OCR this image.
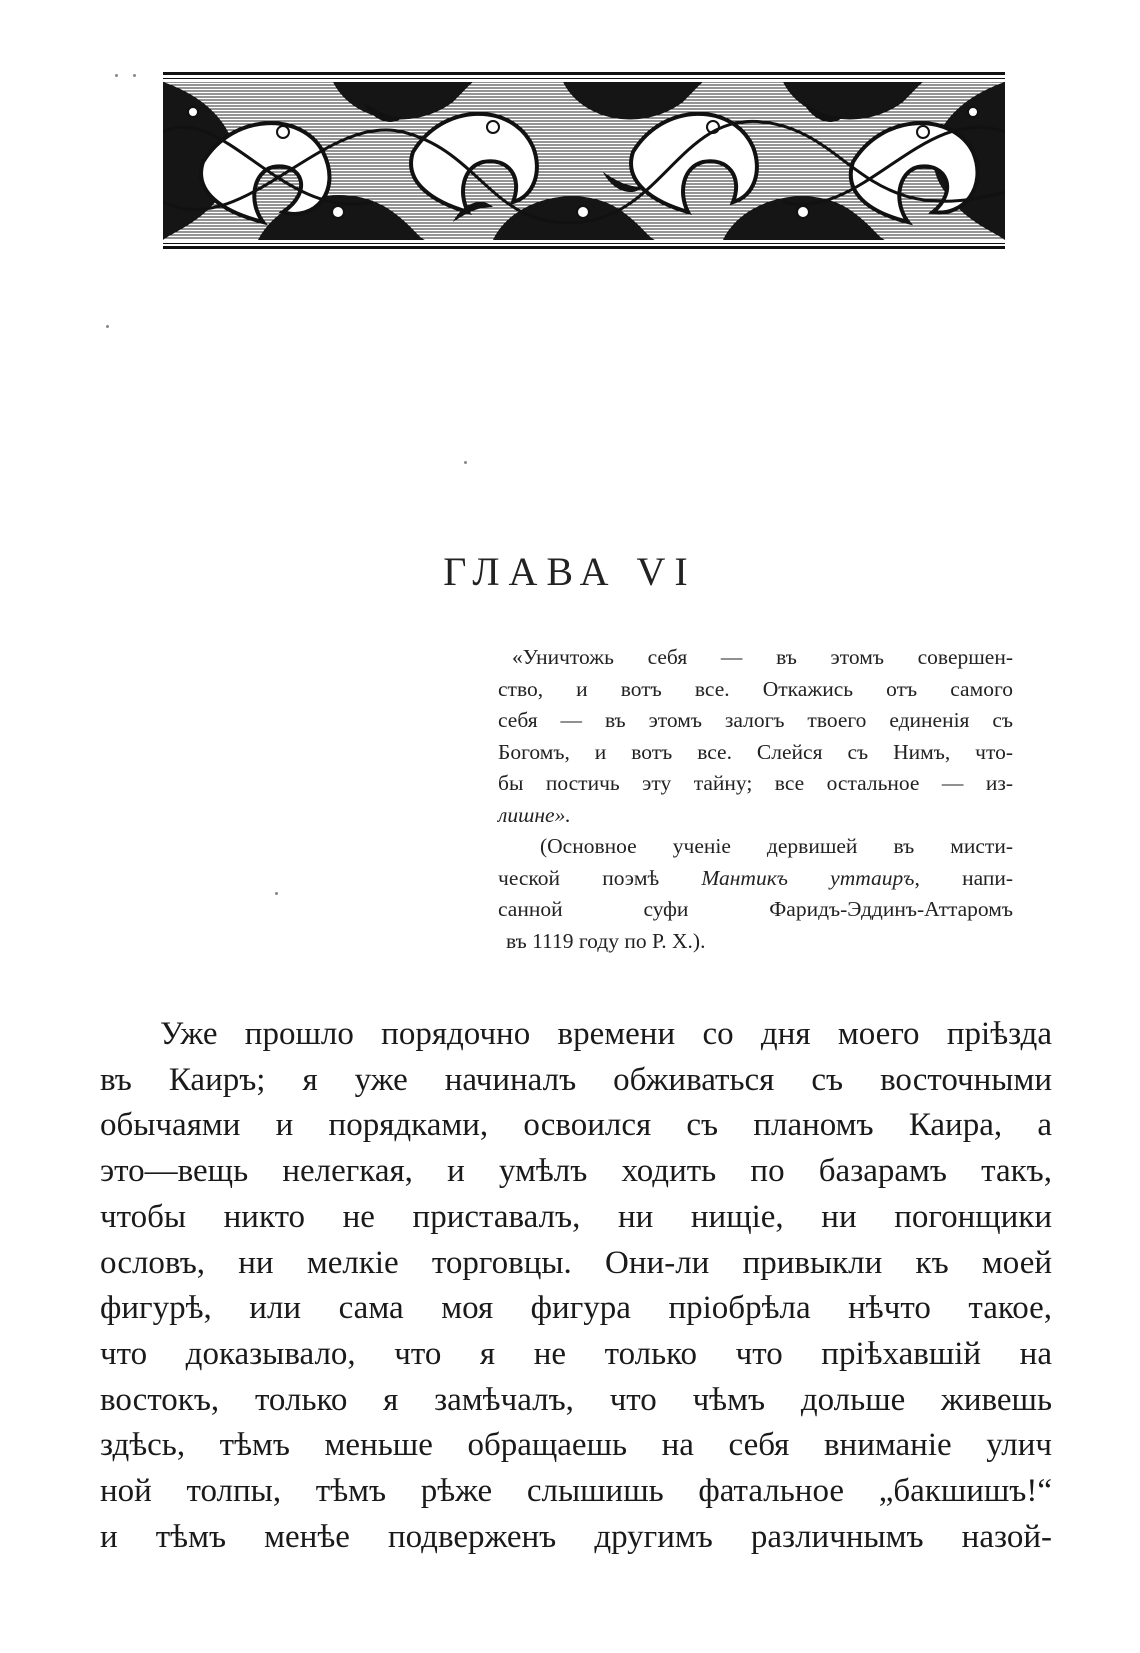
ГЛАВА VI

«Уничтожь себя — въ этомъ совершен-
ство, и вотъ все. Откажись отъ самого
себя — въ этомъ залогъ твоего единенія съ
Богомъ, и вотъ все. Слейся съ Нимъ, что-
бы постичь эту тайну; все остальное — из-
лишне».

(Основное ученіе дервишей въ мисти-
ческой поэмѣ Мантикъ уттаиръ, напи-
санной суфи Фаридъ-Эддинъ-Аттаромъ
въ 1119 году по Р. Х.).

Уже прошло порядочно времени со дня моего пріѣзда
въ Каиръ; я уже начиналъ обживаться съ восточными
обычаями и порядками, освоился съ планомъ Каира, а
это—вещь нелегкая, и умѣлъ ходить по базарамъ такъ,
чтобы никто не приставалъ, ни нищіе, ни погонщики
ословъ, ни мелкіе торговцы. Они-ли привыкли къ моей
фигурѣ, или сама моя фигура пріобрѣла нѣчто такое,
что доказывало, что я не только что пріѣхавшій на
востокъ, только я замѣчалъ, что чѣмъ дольше живешь
здѣсь, тѣмъ меньше обращаешь на себя вниманіе улич
ной толпы, тѣмъ рѣже слышишь фатальное „бакшишъ!“
и тѣмъ менѣе подверженъ другимъ различнымъ назой-
